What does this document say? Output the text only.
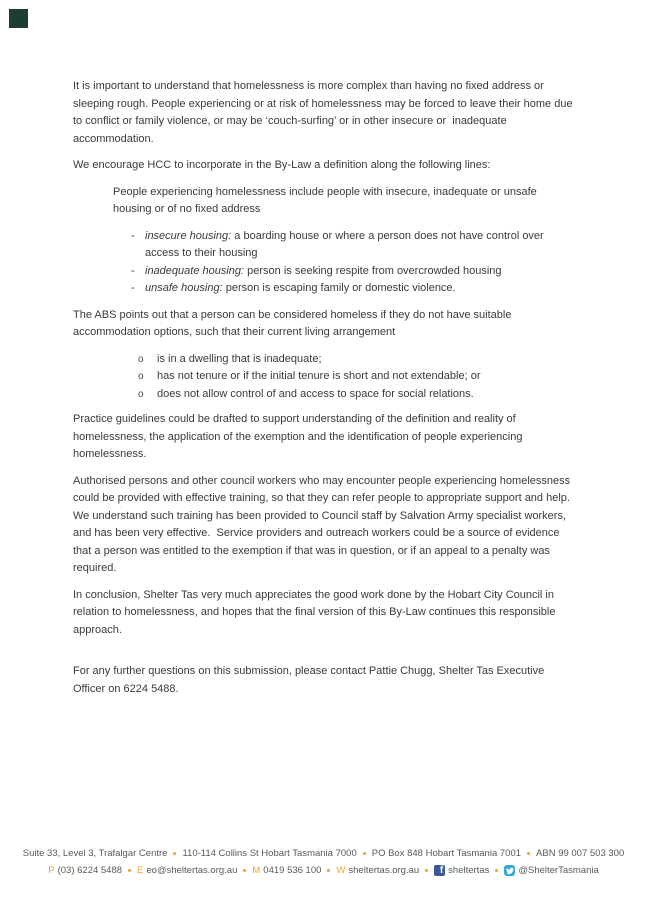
It is important to understand that homelessness is more complex than having no fixed address or sleeping rough. People experiencing or at risk of homelessness may be forced to leave their home due to conflict or family violence, or may be ‘couch-surfing’ or in other insecure or  inadequate accommodation.

We encourage HCC to incorporate in the By-Law a definition along the following lines:

People experiencing homelessness include people with insecure, inadequate or unsafe housing or of no fixed address

- insecure housing: a boarding house or where a person does not have control over access to their housing
- inadequate housing: person is seeking respite from overcrowded housing
- unsafe housing: person is escaping family or domestic violence.

The ABS points out that a person can be considered homeless if they do not have suitable accommodation options, such that their current living arrangement

o	is in a dwelling that is inadequate;
o	has not tenure or if the initial tenure is short and not extendable; or
o	does not allow control of and access to space for social relations.

Practice guidelines could be drafted to support understanding of the definition and reality of homelessness, the application of the exemption and the identification of people experiencing homelessness.

Authorised persons and other council workers who may encounter people experiencing homelessness could be provided with effective training, so that they can refer people to appropriate support and help. We understand such training has been provided to Council staff by Salvation Army specialist workers, and has been very effective.  Service providers and outreach workers could be a source of evidence that a person was entitled to the exemption if that was in question, or if an appeal to a penalty was required.

In conclusion, Shelter Tas very much appreciates the good work done by the Hobart City Council in relation to homelessness, and hopes that the final version of this By-Law continues this responsible approach.

For any further questions on this submission, please contact Pattie Chugg, Shelter Tas Executive Officer on 6224 5488.

Suite 33, Level 3, Trafalgar Centre 110-114 Collins St Hobart Tasmania 7000 PO Box 848 Hobart Tasmania 7001 ABN 99 007 503 300
P (03) 6224 5488 E eo@sheltertas.org.au M 0419 536 100 W sheltertas.org.au	f sheltertas	@ShelterTasmania
